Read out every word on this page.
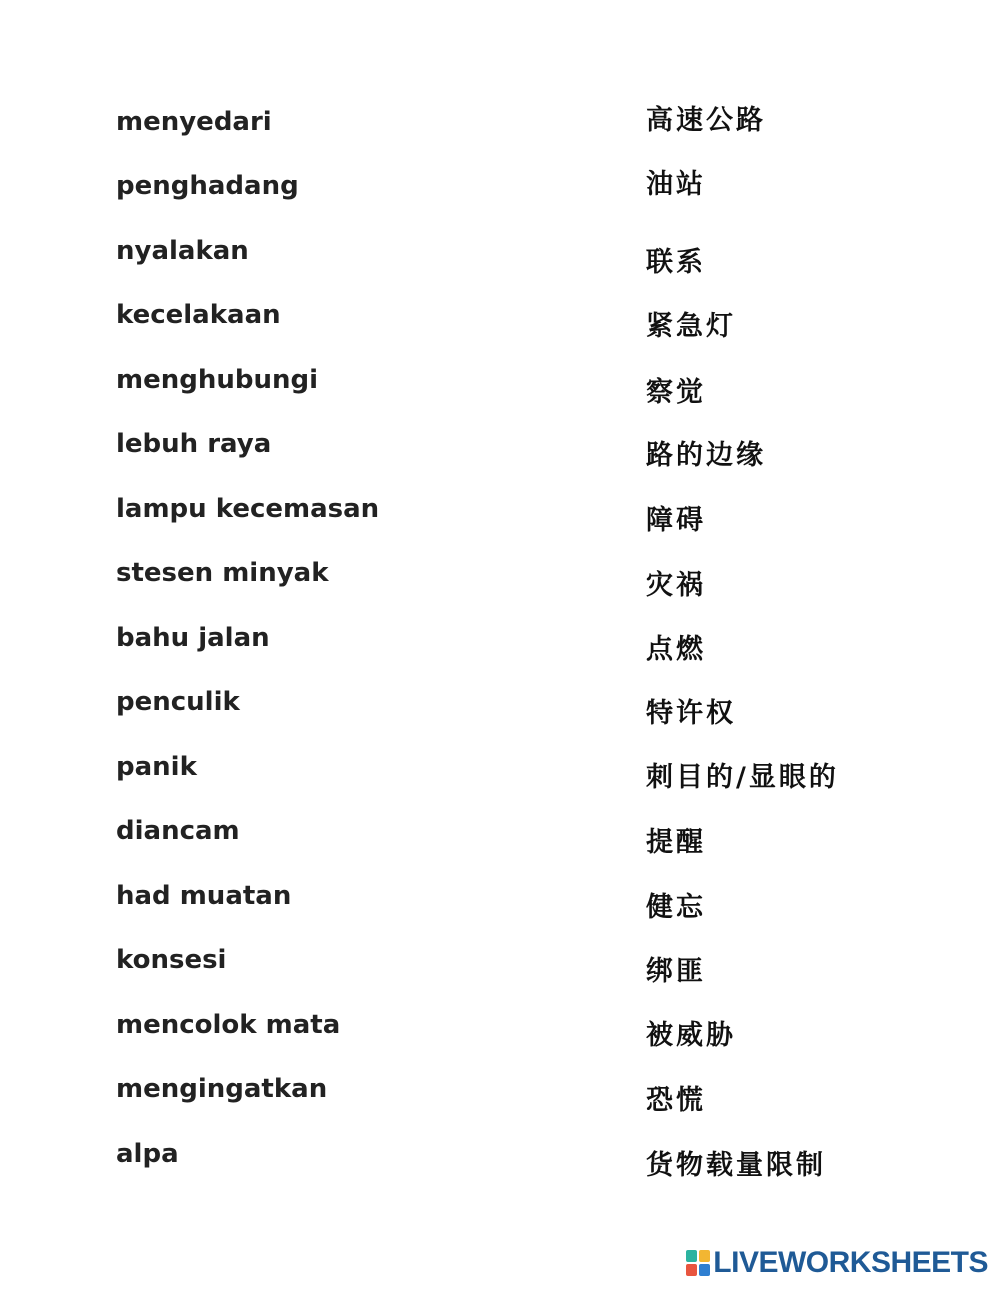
menyedari
penghadang
nyalakan
kecelakaan
menghubungi
lebuh raya
lampu kecemasan
stesen minyak
bahu jalan
penculik
panik
diancam
had muatan
konsesi
mencolok mata
mengingatkan
alpa
高速公路
油站
联系
紧急灯
察觉
路的边缘
障碍
灾祸
点燃
特许权
刺目的/显眼的
提醒
健忘
绑匪
被威胁
恐慌
货物载量限制
LIVEWORKSHEETS
